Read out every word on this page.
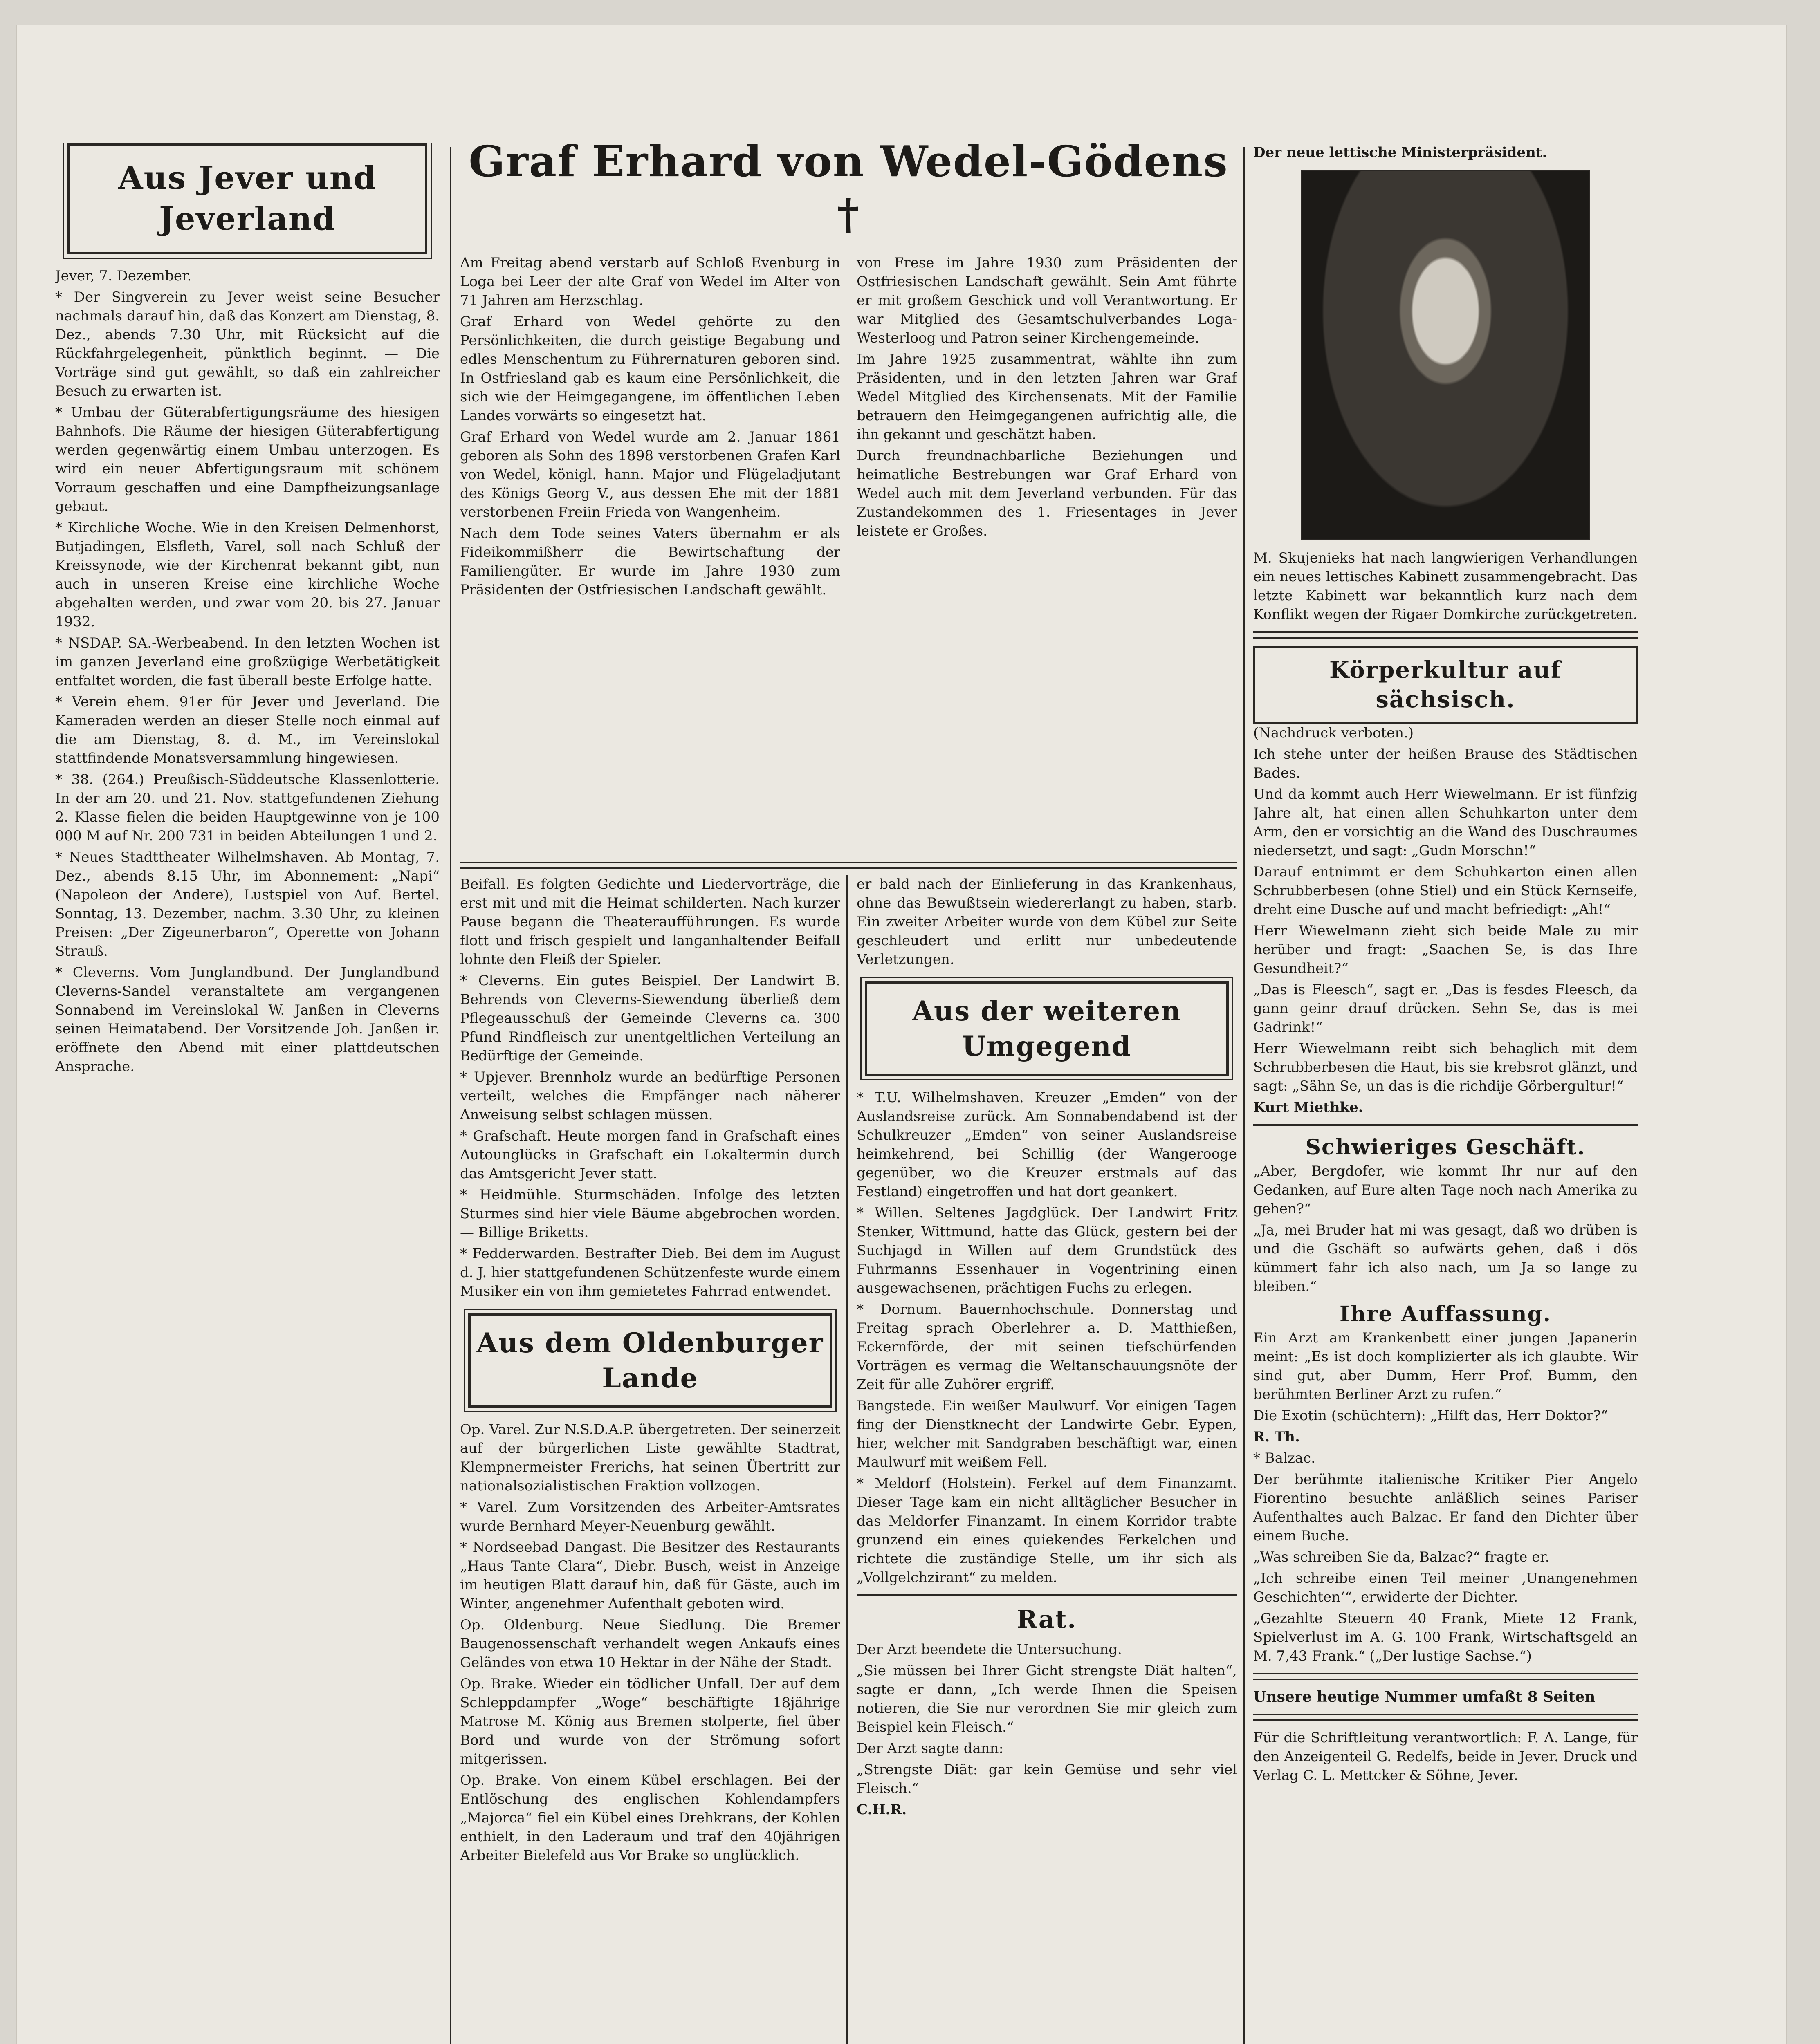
Aus Jever und Jeverland
Jever, 7. Dezember.

* Der Singverein zu Jever weist seine Besucher nachmals darauf hin, daß das Konzert am Dienstag, 8. Dez., abends 7.30 Uhr, mit Rücksicht auf die Rückfahrgelegenheit, pünktlich beginnt. — Die Vorträge sind gut gewählt, so daß ein zahlreicher Besuch zu erwarten ist.

* Umbau der Güterabfertigungsräume des hiesigen Bahnhofs. Die Räume der hiesigen Güterabfertigung werden gegenwärtig einem Umbau unterzogen. Es wird ein neuer Abfertigungsraum mit schönem Vorraum geschaffen und eine Dampfheizungsanlage gebaut.

* Kirchliche Woche. Wie in den Kreisen Delmenhorst, Butjadingen, Elsfleth, Varel, soll nach Schluß der Kreissynode, wie der Kirchenrat bekannt gibt, nun auch in unseren Kreise eine kirchliche Woche abgehalten werden, und zwar vom 20. bis 27. Januar 1932.

* NSDAP. SA.-Werbeabend. In den letzten Wochen ist im ganzen Jeverland eine großzügige Werbetätigkeit entfaltet worden, die fast überall beste Erfolge hatte.

* Verein ehem. 91er für Jever und Jeverland. Die Kameraden werden an dieser Stelle noch einmal auf die am Dienstag, 8. d. M., im Vereinslokal stattfindende Monatsversammlung hingewiesen.

* 38. (264.) Preußisch-Süddeutsche Klassenlotterie. In der am 20. und 21. Nov. stattgefundenen Ziehung 2. Klasse fielen die beiden Hauptgewinne von je 100 000 M auf Nr. 200 731 in beiden Abteilungen 1 und 2.

* Neues Stadttheater Wilhelmshaven. Ab Montag, 7. Dez., abends 8.15 Uhr, im Abonnement: „Napi“ (Napoleon der Andere), Lustspiel von Auf. Bertel. Sonntag, 13. Dezember, nachm. 3.30 Uhr, zu kleinen Preisen: „Der Zigeunerbaron“, Operette von Johann Strauß.

* Cleverns. Vom Junglandbund. Der Junglandbund Cleverns-Sandel veranstaltete am vergangenen Sonnabend im Vereinslokal W. Janßen in Cleverns seinen Heimatabend. Der Vorsitzende Joh. Janßen ir. eröffnete den Abend mit einer plattdeutschen Ansprache.

Graf Erhard von Wedel-Gödens †

Am Freitag abend verstarb auf Schloß Evenburg in Loga bei Leer der alte Graf von Wedel im Alter von 71 Jahren am Herzschlag.

Graf Erhard von Wedel gehörte zu den Persönlichkeiten, die durch geistige Begabung und edles Menschentum zu Führernaturen geboren sind. In Ostfriesland gab es kaum eine Persönlichkeit, die sich wie der Heimgegangene, im öffentlichen Leben Landes vorwärts so eingesetzt hat.

Graf Erhard von Wedel wurde am 2. Januar 1861 geboren als Sohn des 1898 verstorbenen Grafen Karl von Wedel, königl. hann. Major und Flügeladjutant des Königs Georg V., aus dessen Ehe mit der 1881 verstorbenen Freiin Frieda von Wangenheim.

Nach dem Tode seines Vaters übernahm er als Fideikommißherr die Bewirtschaftung der Familiengüter. Er wurde im Jahre 1930 zum Präsidenten der Ostfriesischen Landschaft gewählt.

von Frese im Jahre 1930 zum Präsidenten der Ostfriesischen Landschaft gewählt. Sein Amt führte er mit großem Geschick und voll Verantwortung. Er war Mitglied des Gesamtschulverbandes Loga-Westerloog und Patron seiner Kirchengemeinde.

Im Jahre 1925 zusammentrat, wählte ihn zum Präsidenten, und in den letzten Jahren war Graf Wedel Mitglied des Kirchensenats. Mit der Familie betrauern den Heimgegangenen aufrichtig alle, die ihn gekannt und geschätzt haben.

Durch freundnachbarliche Beziehungen und heimatliche Bestrebungen war Graf Erhard von Wedel auch mit dem Jeverland verbunden. Für das Zustandekommen des 1. Friesentages in Jever leistete er Großes.

Beifall. Es folgten Gedichte und Liedervorträge, die erst mit und mit die Heimat schilderten. Nach kurzer Pause begann die Theateraufführungen. Es wurde flott und frisch gespielt und langanhaltender Beifall lohnte den Fleiß der Spieler.

* Cleverns. Ein gutes Beispiel. Der Landwirt B. Behrends von Cleverns-Siewendung überließ dem Pflegeausschuß der Gemeinde Cleverns ca. 300 Pfund Rindfleisch zur unentgeltlichen Verteilung an Bedürftige der Gemeinde.

* Upjever. Brennholz wurde an bedürftige Personen verteilt, welches die Empfänger nach näherer Anweisung selbst schlagen müssen.

* Grafschaft. Heute morgen fand in Grafschaft eines Autounglücks in Grafschaft ein Lokaltermin durch das Amtsgericht Jever statt.

* Heidmühle. Sturmschäden. Infolge des letzten Sturmes sind hier viele Bäume abgebrochen worden. — Billige Briketts.

* Fedderwarden. Bestrafter Dieb. Bei dem im August d. J. hier stattgefundenen Schützenfeste wurde einem Musiker ein von ihm gemietetes Fahrrad entwendet.

Aus dem Oldenburger Lande

Op. Varel. Zur N.S.D.A.P. übergetreten. Der seinerzeit auf der bürgerlichen Liste gewählte Stadtrat, Klempnermeister Frerichs, hat seinen Übertritt zur nationalsozialistischen Fraktion vollzogen.

* Varel. Zum Vorsitzenden des Arbeiter-Amtsrates wurde Bernhard Meyer-Neuenburg gewählt.

* Nordseebad Dangast. Die Besitzer des Restaurants „Haus Tante Clara“, Diebr. Busch, weist in Anzeige im heutigen Blatt darauf hin, daß für Gäste, auch im Winter, angenehmer Aufenthalt geboten wird.

Op. Oldenburg. Neue Siedlung. Die Bremer Baugenossenschaft verhandelt wegen Ankaufs eines Geländes von etwa 10 Hektar in der Nähe der Stadt.

Op. Brake. Wieder ein tödlicher Unfall. Der auf dem Schleppdampfer „Woge“ beschäftigte 18jährige Matrose M. König aus Bremen stolperte, fiel über Bord und wurde von der Strömung sofort mitgerissen.

Op. Brake. Von einem Kübel erschlagen. Bei der Entlöschung des englischen Kohlendampfers „Majorca“ fiel ein Kübel eines Drehkrans, der Kohlen enthielt, in den Laderaum und traf den 40jährigen Arbeiter Bielefeld aus Vor Brake so unglücklich.

er bald nach der Einlieferung in das Krankenhaus, ohne das Bewußtsein wiedererlangt zu haben, starb. Ein zweiter Arbeiter wurde von dem Kübel zur Seite geschleudert und erlitt nur unbedeutende Verletzungen.

Aus der weiteren Umgegend

* T.U. Wilhelmshaven. Kreuzer „Emden“ von der Auslandsreise zurück. Am Sonnabendabend ist der Schulkreuzer „Emden“ von seiner Auslandsreise heimkehrend, bei Schillig (der Wangerooge gegenüber, wo die Kreuzer erstmals auf das Festland) eingetroffen und hat dort geankert.

* Willen. Seltenes Jagdglück. Der Landwirt Fritz Stenker, Wittmund, hatte das Glück, gestern bei der Suchjagd in Willen auf dem Grundstück des Fuhrmanns Essenhauer in Vogentrining einen ausgewachsenen, prächtigen Fuchs zu erlegen.

* Dornum. Bauernhochschule. Donnerstag und Freitag sprach Oberlehrer a. D. Matthießen, Eckernförde, der mit seinen tiefschürfenden Vorträgen es vermag die Weltanschauungsnöte der Zeit für alle Zuhörer ergriff.

Bangstede. Ein weißer Maulwurf. Vor einigen Tagen fing der Dienstknecht der Landwirte Gebr. Eypen, hier, welcher mit Sandgraben beschäftigt war, einen Maulwurf mit weißem Fell.

* Meldorf (Holstein). Ferkel auf dem Finanzamt. Dieser Tage kam ein nicht alltäglicher Besucher in das Meldorfer Finanzamt. In einem Korridor trabte grunzend ein eines quiekendes Ferkelchen und richtete die zuständige Stelle, um ihr sich als „Vollgelchzirant“ zu melden.

Rat.
Der Arzt beendete die Untersuchung.
„Sie müssen bei Ihrer Gicht strengste Diät halten“, sagte er dann, „Ich werde Ihnen die Speisen notieren, die Sie nur verordnen Sie mir gleich zum Beispiel kein Fleisch.“
Der Arzt sagte dann:
„Strengste Diät: gar kein Gemüse und sehr viel Fleisch.“
C.H.R.
Der neue lettische Ministerpräsident.

M. Skujenieks hat nach langwierigen Verhandlungen ein neues lettisches Kabinett zusammengebracht. Das letzte Kabinett war bekanntlich kurz nach dem Konflikt wegen der Rigaer Domkirche zurückgetreten.

Körperkultur auf sächsisch.
(Nachdruck verboten.)

Ich stehe unter der heißen Brause des Städtischen Bades.

Und da kommt auch Herr Wiewelmann. Er ist fünfzig Jahre alt, hat einen allen Schuhkarton unter dem Arm, den er vorsichtig an die Wand des Duschraumes niedersetzt, und sagt: „Gudn Morschn!“

Darauf entnimmt er dem Schuhkarton einen allen Schrubberbesen (ohne Stiel) und ein Stück Kernseife, dreht eine Dusche auf und macht befriedigt: „Ah!“

Herr Wiewelmann zieht sich beide Male zu mir herüber und fragt: „Saachen Se, is das Ihre Gesundheit?“

„Das is Fleesch“, sagt er. „Das is fesdes Fleesch, da gann geinr drauf drücken. Sehn Se, das is mei Gadrink!“

Herr Wiewelmann reibt sich behaglich mit dem Schrubberbesen die Haut, bis sie krebsrot glänzt, und sagt: „Sähn Se, un das is die richdije Görbergultur!“

Kurt Miethke.
Schwieriges Geschäft.

„Aber, Bergdofer, wie kommt Ihr nur auf den Gedanken, auf Eure alten Tage noch nach Amerika zu gehen?“

„Ja, mei Bruder hat mi was gesagt, daß wo drüben is und die Gschäft so aufwärts gehen, daß i dös kümmert fahr ich also nach, um Ja so lange zu bleiben.“

Ihre Auffassung.

Ein Arzt am Krankenbett einer jungen Japanerin meint: „Es ist doch komplizierter als ich glaubte. Wir sind gut, aber Dumm, Herr Prof. Bumm, den berühmten Berliner Arzt zu rufen.“

Die Exotin (schüchtern): „Hilft das, Herr Doktor?“

R. Th.
* Balzac.

Der berühmte italienische Kritiker Pier Angelo Fiorentino besuchte anläßlich seines Pariser Aufenthaltes auch Balzac. Er fand den Dichter über einem Buche.

„Was schreiben Sie da, Balzac?“ fragte er.

„Ich schreibe einen Teil meiner ‚Unangenehmen Geschichten‘“, erwiderte der Dichter.

„Gezahlte Steuern 40 Frank, Miete 12 Frank, Spielverlust im A. G. 100 Frank, Wirtschaftsgeld an M. 7,43 Frank.“ („Der lustige Sachse.“)

Unsere heutige Nummer umfaßt 8 Seiten

Für die Schriftleitung verantwortlich: F. A. Lange, für den Anzeigenteil G. Redelfs, beide in Jever. Druck und Verlag C. L. Mettcker & Söhne, Jever.
